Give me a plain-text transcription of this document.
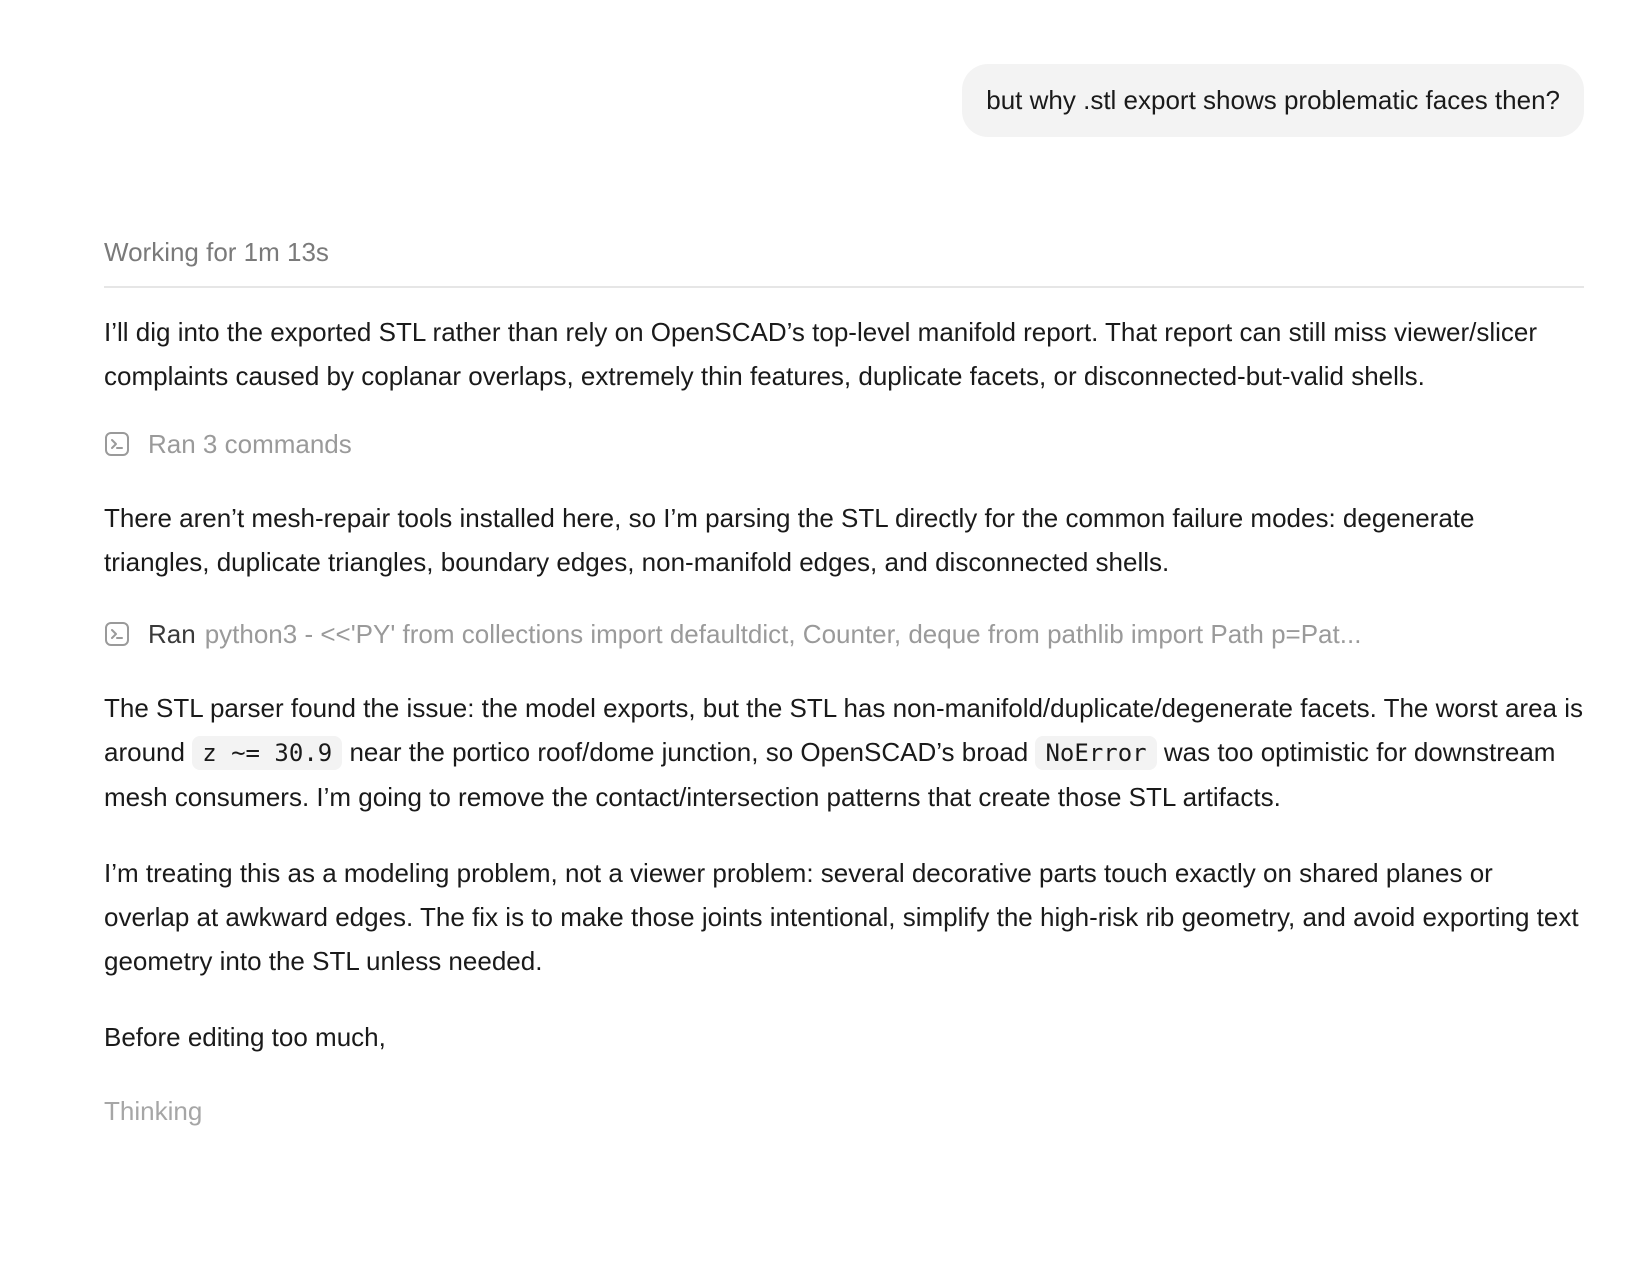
but why .stl export shows problematic faces then?
Working for 1m 13s

I’ll dig into the exported STL rather than rely on OpenSCAD’s top-level manifold report. That report can still miss viewer/slicer complaints caused by coplanar overlaps, extremely thin features, duplicate facets, or disconnected-but-valid shells.

Ran 3 commands

There aren’t mesh-repair tools installed here, so I’m parsing the STL directly for the common failure modes: degenerate triangles, duplicate triangles, boundary edges, non-manifold edges, and disconnected shells.

Ran python3 - <<'PY' from collections import defaultdict, Counter, deque from pathlib import Path p=Pat...

The STL parser found the issue: the model exports, but the STL has non-manifold/duplicate/degenerate facets. The worst area is around z ~= 30.9 near the portico roof/dome junction, so OpenSCAD’s broad NoError was too optimistic for downstream mesh consumers. I’m going to remove the contact/intersection patterns that create those STL artifacts.

I’m treating this as a modeling problem, not a viewer problem: several decorative parts touch exactly on shared planes or overlap at awkward edges. The fix is to make those joints intentional, simplify the high-risk rib geometry, and avoid exporting text geometry into the STL unless needed.

Before editing too much,

Thinking
